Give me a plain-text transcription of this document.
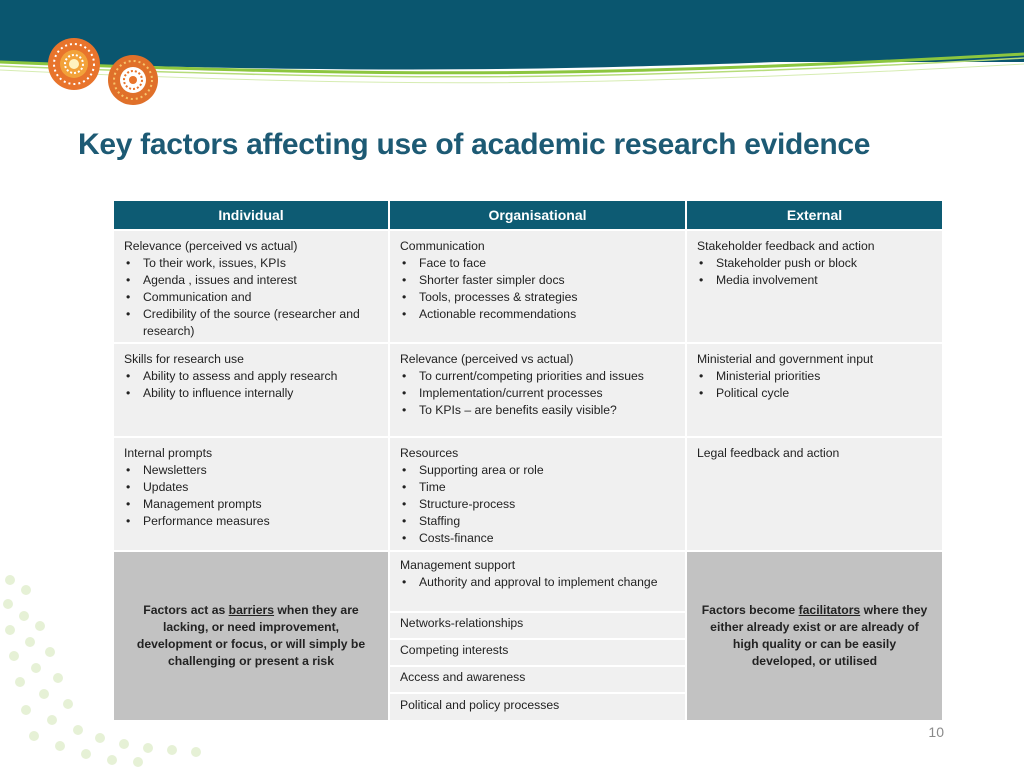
Key factors affecting use of academic research evidence
Individual	Organisational	External
Relevance (perceived vs actual)
• To their work, issues, KPIs
• Agenda , issues and interest
• Communication and
• Credibility of the source (researcher and research)
Communication
• Face to face
• Shorter faster simpler docs
• Tools, processes & strategies
• Actionable recommendations
Stakeholder feedback and action
• Stakeholder push or block
• Media involvement
Skills for research use
• Ability to assess and apply research
• Ability to influence internally
Relevance (perceived vs actual)
• To current/competing priorities and issues
• Implementation/current processes
• To KPIs – are benefits easily visible?
Ministerial and government input
• Ministerial priorities
• Political cycle
Internal prompts
• Newsletters
• Updates
• Management prompts
• Performance measures
Resources
• Supporting area or role
• Time
• Structure-process
• Staffing
• Costs-finance
Legal feedback and action
Factors act as barriers when they are lacking, or need improvement, development or focus, or will simply be challenging or present a risk
Management support
• Authority and approval to implement change
Networks-relationships
Competing interests
Access and awareness
Political and policy processes
Factors become facilitators where they either already exist or are already of high quality or can be easily developed, or utilised
10
